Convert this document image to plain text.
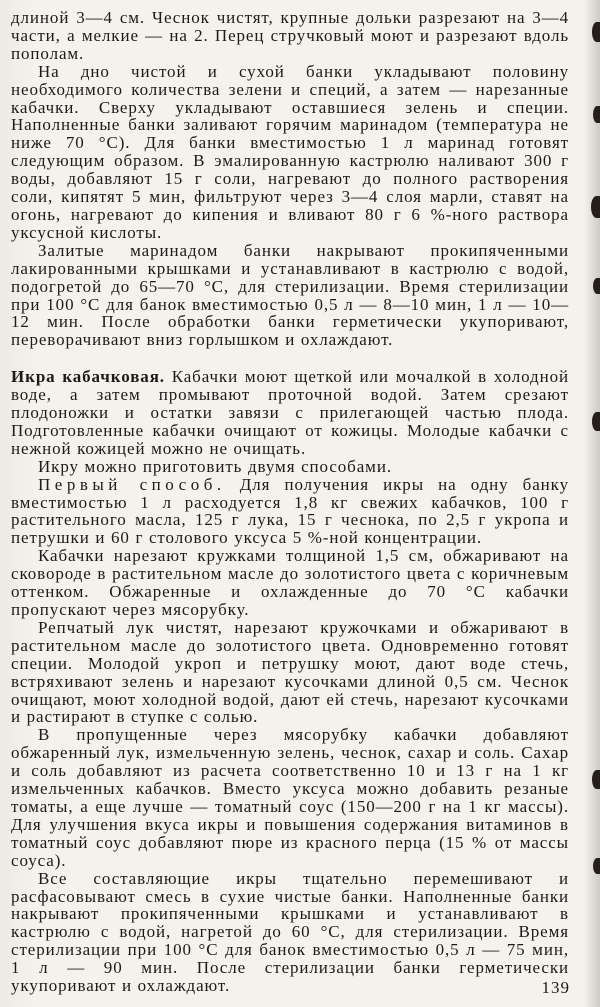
длиной 3—4 см. Чеснок чистят, крупные дольки разрезают на 3—4 части, а мелкие — на 2. Перец стручковый моют и разрезают вдоль пополам.

На дно чистой и сухой банки укладывают половину необходимого количества зелени и специй, а затем — нарезанные кабачки. Сверху укладывают оставшиеся зелень и специи. Наполненные банки заливают горячим маринадом (температура не ниже 70 °C). Для банки вместимостью 1 л маринад готовят следующим образом. В эмалированную кастрюлю наливают 300 г воды, добавляют 15 г соли, нагревают до полного растворения соли, кипятят 5 мин, фильтруют через 3—4 слоя марли, ставят на огонь, нагревают до кипения и вливают 80 г 6 %-ного раствора уксусной кислоты.

Залитые маринадом банки накрывают прокипяченными лакированными крышками и устанавливают в кастрюлю с водой, подогретой до 65—70 °C, для стерилизации. Время стерилизации при 100 °C для банок вместимостью 0,5 л — 8—10 мин, 1 л — 10—12 мин. После обработки банки герметически укупоривают, переворачивают вниз горлышком и охлаждают.

Икра кабачковая. Кабачки моют щеткой или мочалкой в холодной воде, а затем промывают проточной водой. Затем срезают плодоножки и остатки завязи с прилегающей частью плода. Подготовленные кабачки очищают от кожицы. Молодые кабачки с нежной кожицей можно не очищать.

Икру можно приготовить двумя способами.

Первый способ. Для получения икры на одну банку вместимостью 1 л расходуется 1,8 кг свежих кабачков, 100 г растительного масла, 125 г лука, 15 г чеснока, по 2,5 г укропа и петрушки и 60 г столового уксуса 5 %-ной концентрации.

Кабачки нарезают кружками толщиной 1,5 см, обжаривают на сковороде в растительном масле до золотистого цвета с коричневым оттенком. Обжаренные и охлажденные до 70 °C кабачки пропускают через мясорубку.

Репчатый лук чистят, нарезают кружочками и обжаривают в растительном масле до золотистого цвета. Одновременно готовят специи. Молодой укроп и петрушку моют, дают воде стечь, встряхивают зелень и нарезают кусочками длиной 0,5 см. Чеснок очищают, моют холодной водой, дают ей стечь, нарезают кусочками и растирают в ступке с солью.

В пропущенные через мясорубку кабачки добавляют обжаренный лук, измельченную зелень, чеснок, сахар и соль. Сахар и соль добавляют из расчета соответственно 10 и 13 г на 1 кг измельченных кабачков. Вместо уксуса можно добавить резаные томаты, а еще лучше — томатный соус (150—200 г на 1 кг массы). Для улучшения вкуса икры и повышения содержания витаминов в томатный соус добавляют пюре из красного перца (15 % от массы соуса).

Все составляющие икры тщательно перемешивают и расфасовывают смесь в сухие чистые банки. Наполненные банки накрывают прокипяченными крышками и устанавливают в кастрюлю с водой, нагретой до 60 °C, для стерилизации. Время стерилизации при 100 °C для банок вместимостью 0,5 л — 75 мин, 1 л — 90 мин. После стерилизации банки герметически укупоривают и охлаждают.	139
